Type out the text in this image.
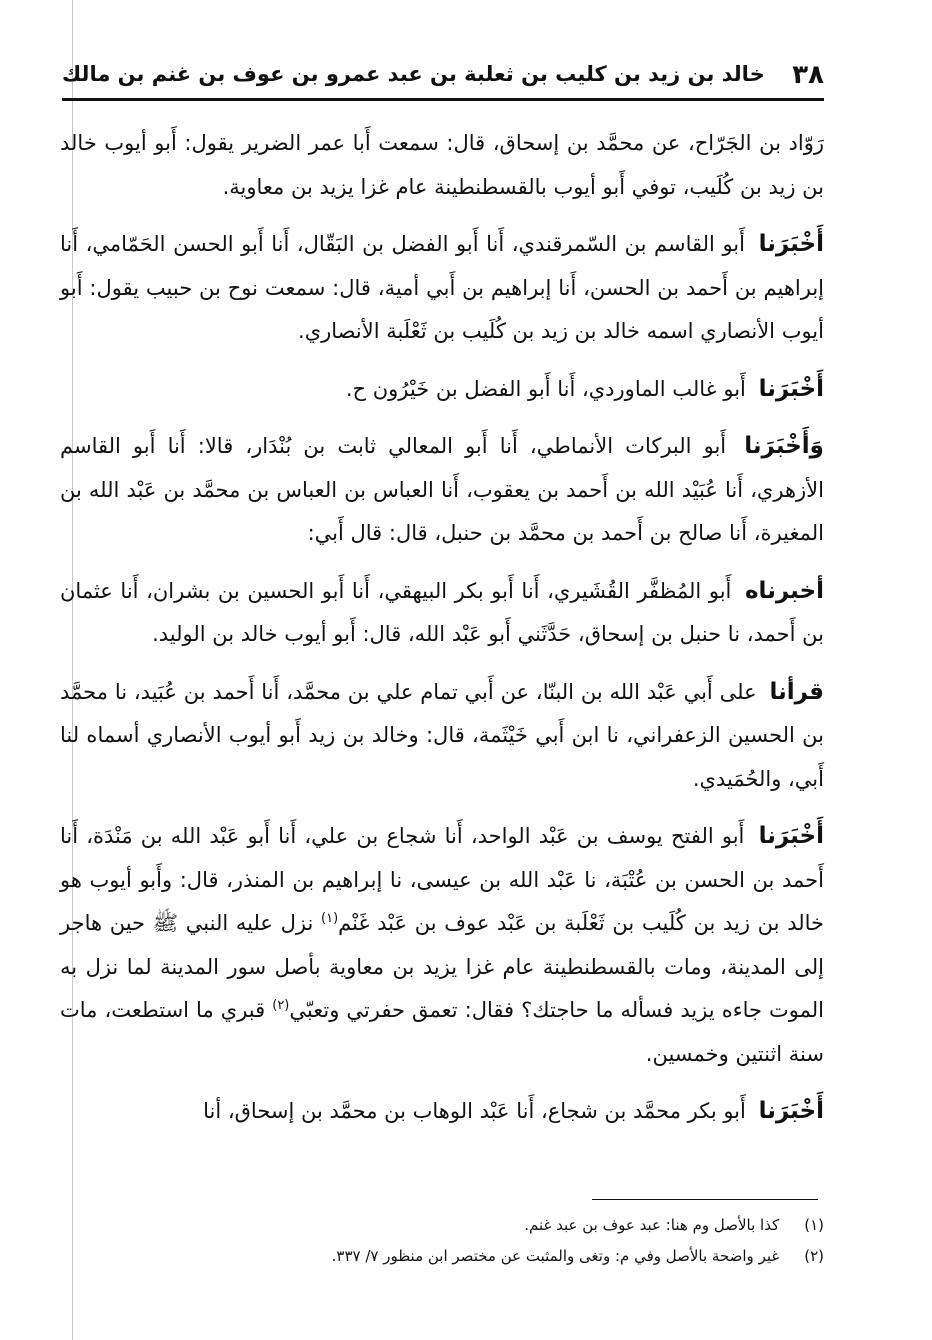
٣٨
خالد بن زيد بن كليب بن ثعلبة بن عبد عمرو بن عوف بن غنم بن مالك

رَوّاد بن الجَرّاح، عن محمَّد بن إسحاق، قال: سمعت أَبا عمر الضرير يقول: أَبو أيوب خالد بن زيد بن كُلَيب، توفي أَبو أيوب بالقسطنطينة عام غزا يزيد بن معاوية.

أَخْبَرَنا أَبو القاسم بن السّمرقندي، أَنا أَبو الفضل بن البَقّال، أَنا أَبو الحسن الحَمّامي، أَنا إبراهيم بن أَحمد بن الحسن، أَنا إبراهيم بن أَبي أمية، قال: سمعت نوح بن حبيب يقول: أَبو أيوب الأنصاري اسمه خالد بن زيد بن كُلَيب بن ثَعْلَبة الأنصاري.

أَخْبَرَنا أَبو غالب الماوردي، أَنا أَبو الفضل بن خَيْرُون ح.

وَأَخْبَرَنا أَبو البركات الأنماطي، أَنا أَبو المعالي ثابت بن بُنْدَار، قالا: أَنا أَبو القاسم الأزهري، أَنا عُبَيْد الله بن أَحمد بن يعقوب، أَنا العباس بن العباس بن محمَّد بن عَبْد الله بن المغيرة، أَنا صالح بن أَحمد بن محمَّد بن حنبل، قال: قال أَبي:

أخبرناه أَبو المُظفَّر القُشَيري، أَنا أَبو بكر البيهقي، أَنا أَبو الحسين بن بشران، أَنا عثمان بن أَحمد، نا حنبل بن إسحاق، حَدَّثَني أَبو عَبْد الله، قال: أَبو أيوب خالد بن الوليد.

قرأنا على أَبي عَبْد الله بن البنّا، عن أَبي تمام علي بن محمَّد، أَنا أَحمد بن عُبَيد، نا محمَّد بن الحسين الزعفراني، نا ابن أَبي خَيْثَمة، قال: وخالد بن زيد أَبو أيوب الأنصاري أسماه لنا أَبي، والحُمَيدي.

أَخْبَرَنا أَبو الفتح يوسف بن عَبْد الواحد، أَنا شجاع بن علي، أَنا أَبو عَبْد الله بن مَنْدَة، أَنا أَحمد بن الحسن بن عُتْبَة، نا عَبْد الله بن عيسى، نا إبراهيم بن المنذر، قال: وأَبو أيوب هو خالد بن زيد بن كُلَيب بن ثَعْلَبة بن عَبْد عوف بن عَبْد غَنْم$^{(١)}$ نزل عليه النبي ﷺ حين هاجر إلى المدينة، ومات بالقسطنطينة عام غزا يزيد بن معاوية بأصل سور المدينة لما نزل به الموت جاءه يزيد فسأله ما حاجتك؟ فقال: تعمق حفرتي وتعبّي$^{(٢)}$ قبري ما استطعت، مات سنة اثنتين وخمسين.

أَخْبَرَنا أَبو بكر محمَّد بن شجاع، أَنا عَبْد الوهاب بن محمَّد بن إسحاق، أنا

(١) كذا بالأصل وم هنا: عبد عوف بن عبد غنم.
(٢) غير واضحة بالأصل وفي م: وتغى والمثبت عن مختصر ابن منظور ٧/ ٣٣٧.
